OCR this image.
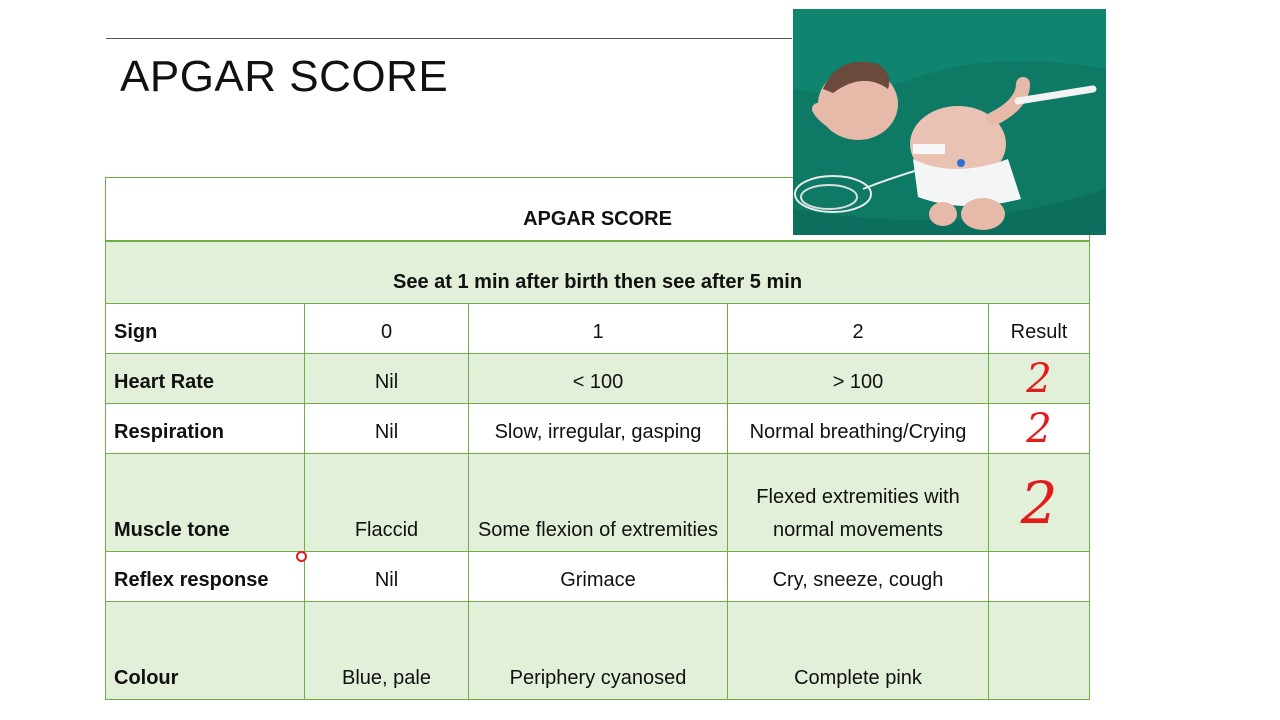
APGAR SCORE
APGAR SCORE				
See at 1 min after birth then see after 5 min				
Sign	0	1	2	Result
Heart Rate	Nil	< 100	> 100	2

Respiration	Nil	Slow, irregular, gasping	Normal breathing/Crying	2

Muscle tone	Flaccid	Some flexion of extremities	Flexed extremities with normal movements	2

Reflex response	Nil	Grimace	Cry, sneeze, cough	
Colour	Blue, pale	Periphery cyanosed	Complete pink	
